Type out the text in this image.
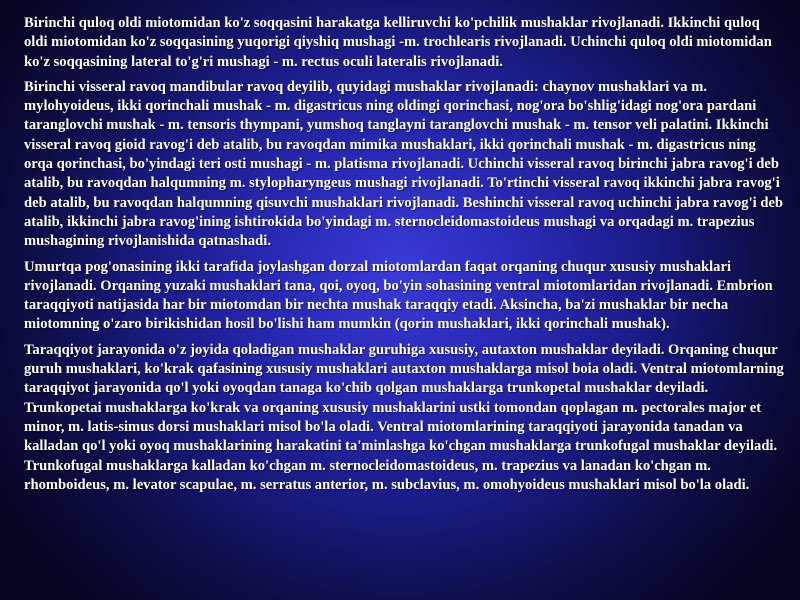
Birinchi quloq oldi miotomidan ko'z soqqasini harakatga kelliruvchi ko'pchilik mushaklar rivojlanadi. Ikkinchi quloq oldi miotomidan ko'z soqqasining yuqorigi qiyshiq mushagi -m. trochlearis rivojlanadi. Uchinchi quloq oldi miotomidan ko'z soqqasining lateral to'g'ri mushagi - m. rectus oculi lateralis rivojlanadi.

Birinchi visseral ravoq mandibular ravoq deyilib, quyidagi mushaklar rivojlanadi: chaynov mushaklari va m. mylohyoideus, ikki qorinchali mushak - m. digastricus ning oldingi qorinchasi, nog'ora bo'shlig'idagi nog'ora pardani taranglovchi mushak - m. tensoris thympani, yumshoq tanglayni taranglovchi mushak - m. tensor veli palatini. Ikkinchi visseral ravoq gioid ravog'i deb atalib, bu ravoqdan mimika mushaklari, ikki qorinchali mushak - m. digastricus ning orqa qorinchasi, bo'yindagi teri osti mushagi - m. platisma rivojlanadi. Uchinchi visseral ravoq birinchi jabra ravog'i deb atalib, bu ravoqdan halqumning m. stylopharyngeus mushagi rivojlanadi. To'rtinchi visseral ravoq ikkinchi jabra ravog'i deb atalib, bu ravoqdan halqumning qisuvchi mushaklari rivojlanadi. Beshinchi visseral ravoq uchinchi jabra ravog'i deb atalib, ikkinchi jabra ravog'ining ishtirokida bo'yindagi m. sternocleidomastoideus mushagi va orqadagi m. trapezius mushagining rivojlanishida qatnashadi.

Umurtqa pog'onasining ikki tarafida joylashgan dorzal miotomlardan faqat orqaning chuqur xususiy mushaklari rivojlanadi. Orqaning yuzaki mushaklari tana, qoi, oyoq, bo'yin sohasining ventral miotomlaridan rivojlanadi. Embrion taraqqiyoti natijasida har bir miotomdan bir nechta mushak taraqqiy etadi. Aksincha, ba'zi mushaklar bir necha miotomning o'zaro birikishidan hosil bo'lishi ham mumkin (qorin mushaklari, ikki qorinchali mushak).

Taraqqiyot jarayonida o'z joyida qoladigan mushaklar guruhiga xususiy, autaxton mushaklar deyiladi. Orqaning chuqur guruh mushaklari, ko'krak qafasining xususiy mushaklari autaxton mushaklarga misol boia oladi. Ventral miotomlarning taraqqiyot jarayonida qo'l yoki oyoqdan tanaga ko'chib qolgan mushaklarga trunkopetal mushaklar deyiladi. Trunkopetai mushaklarga ko'krak va orqaning xususiy mushaklarini ustki tomondan qoplagan m. pectorales major et minor, m. latis-simus dorsi mushaklari misol bo'la oladi. Ventral miotomlarining taraqqiyoti jarayonida tanadan va kalladan qo'l yoki oyoq mushaklarining harakatini ta'minlashga ko'chgan mushaklarga trunkofugal mushaklar deyiladi. Trunkofugal mushaklarga kalladan ko'chgan m. sternocleidomastoideus, m. trapezius va lanadan ko'chgan m. rhomboideus, m. levator scapulae, m. serratus anterior, m. subclavius, m. omohyoideus mushaklari misol bo'la oladi.
